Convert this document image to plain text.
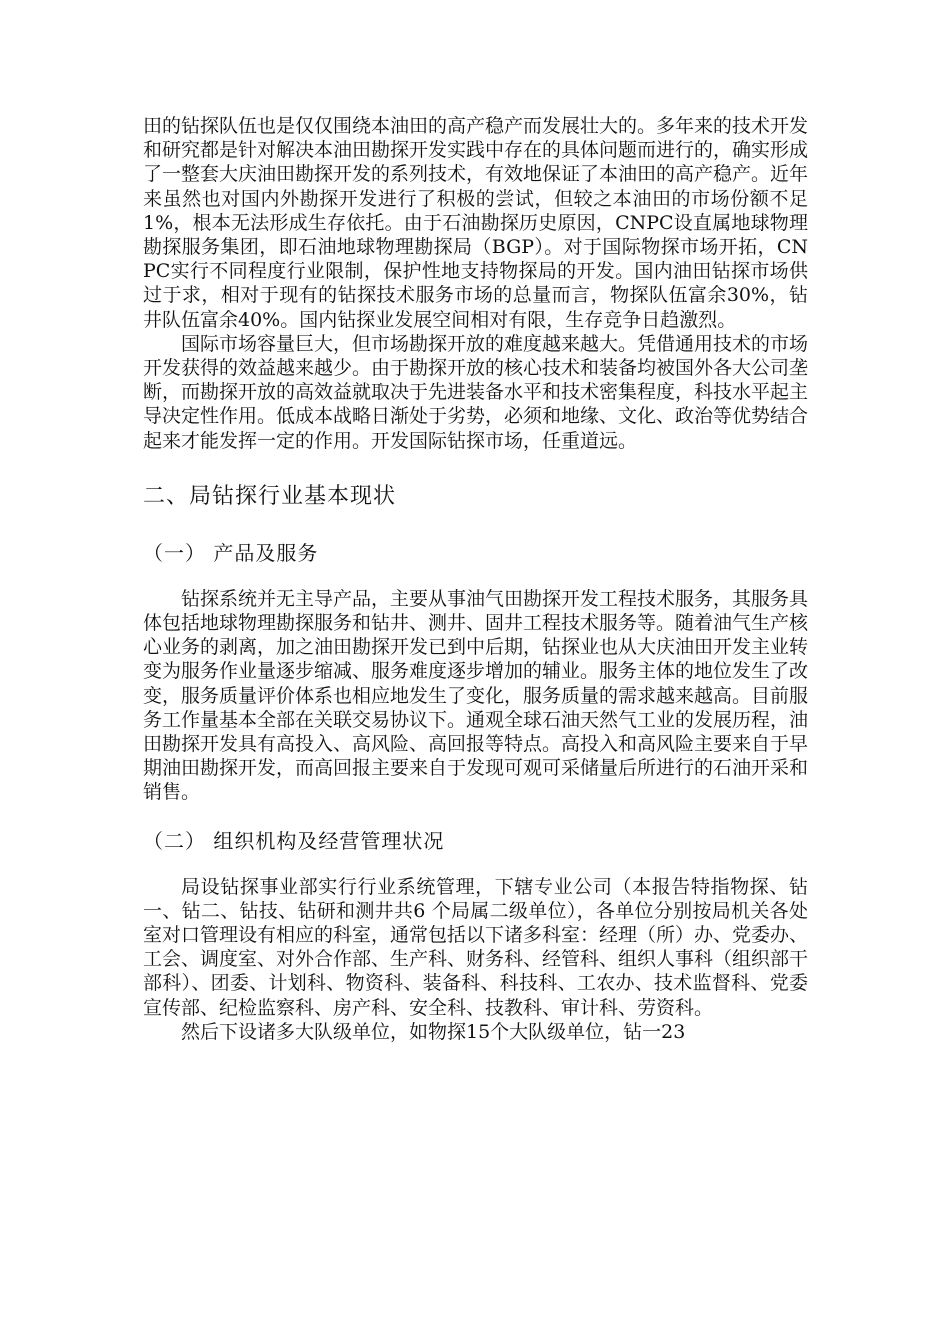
田的钻探队伍也是仅仅围绕本油田的高产稳产而发展壮大的。多年来的技术开发和研究都是针对解决本油田勘探开发实践中存在的具体问题而进行的，确实形成了一整套大庆油田勘探开发的系列技术，有效地保证了本油田的高产稳产。近年来虽然也对国内外勘探开发进行了积极的尝试，但较之本油田的市场份额不足1%，根本无法形成生存依托。由于石油勘探历史原因，CNPC设直属地球物理勘探服务集团，即石油地球物理勘探局（BGP）。对于国际物探市场开拓，CNPC实行不同程度行业限制，保护性地支持物探局的开发。国内油田钻探市场供过于求，相对于现有的钻探技术服务市场的总量而言，物探队伍富余30%，钻井队伍富余40%。国内钻探业发展空间相对有限，生存竞争日趋激烈。

国际市场容量巨大，但市场勘探开放的难度越来越大。凭借通用技术的市场开发获得的效益越来越少。由于勘探开放的核心技术和装备均被国外各大公司垄断，而勘探开放的高效益就取决于先进装备水平和技术密集程度，科技水平起主导决定性作用。低成本战略日渐处于劣势，必须和地缘、文化、政治等优势结合起来才能发挥一定的作用。开发国际钻探市场，任重道远。

二、局钻探行业基本现状
（一） 产品及服务

钻探系统并无主导产品，主要从事油气田勘探开发工程技术服务，其服务具体包括地球物理勘探服务和钻井、测井、固井工程技术服务等。随着油气生产核心业务的剥离，加之油田勘探开发已到中后期，钻探业也从大庆油田开发主业转变为服务作业量逐步缩减、服务难度逐步增加的辅业。服务主体的地位发生了改变，服务质量评价体系也相应地发生了变化，服务质量的需求越来越高。目前服务工作量基本全部在关联交易协议下。通观全球石油天然气工业的发展历程，油田勘探开发具有高投入、高风险、高回报等特点。高投入和高风险主要来自于早期油田勘探开发，而高回报主要来自于发现可观可采储量后所进行的石油开采和销售。

（二） 组织机构及经营管理状况

局设钻探事业部实行行业系统管理，下辖专业公司（本报告特指物探、钻一、钻二、钻技、钻研和测井共6 个局属二级单位），各单位分别按局机关各处室对口管理设有相应的科室，通常包括以下诸多科室：经理（所）办、党委办、工会、调度室、对外合作部、生产科、财务科、经管科、组织人事科（组织部干部科）、团委、计划科、物资科、装备科、科技科、工农办、技术监督科、党委宣传部、纪检监察科、房产科、安全科、技教科、审计科、劳资科。

然后下设诸多大队级单位，如物探15个大队级单位，钻一23
